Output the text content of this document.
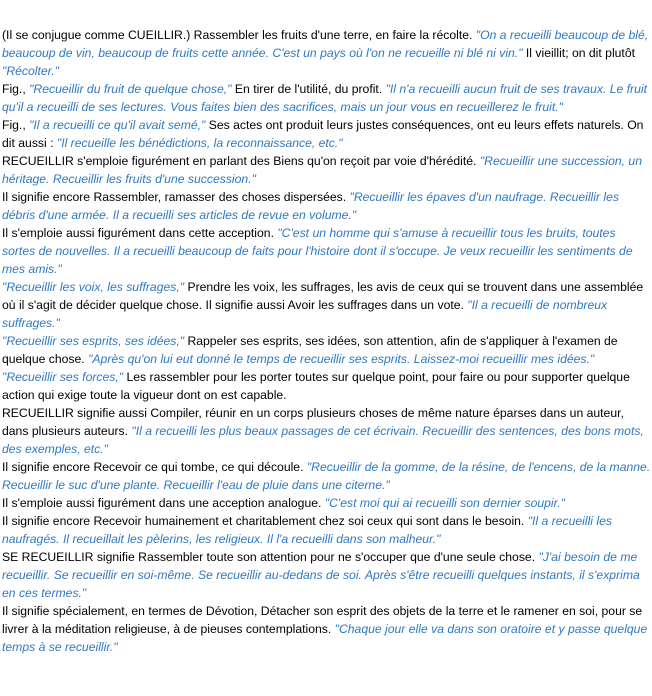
(Il se conjugue comme CUEILLIR.) Rassembler les fruits d'une terre, en faire la récolte. "On a recueilli beaucoup de blé, beaucoup de vin, beaucoup de fruits cette année. C'est un pays où l'on ne recueille ni blé ni vin." Il vieillit; on dit plutôt "Récolter."

Fig., "Recueillir du fruit de quelque chose," En tirer de l'utilité, du profit. "Il n'a recueilli aucun fruit de ses travaux. Le fruit qu'il a recueilli de ses lectures. Vous faites bien des sacrifices, mais un jour vous en recueillerez le fruit."

Fig., "Il a recueilli ce qu'il avait semé," Ses actes ont produit leurs justes conséquences, ont eu leurs effets naturels. On dit aussi : "Il recueille les bénédictions, la reconnaissance, etc."

RECUEILLIR s'emploie figurément en parlant des Biens qu'on reçoit par voie d'hérédité. "Recueillir une succession, un héritage. Recueillir les fruits d'une succession."

Il signifie encore Rassembler, ramasser des choses dispersées. "Recueillir les épaves d'un naufrage. Recueillir les débris d'une armée. Il a recueilli ses articles de revue en volume."

Il s'emploie aussi figurément dans cette acception. "C'est un homme qui s'amuse à recueillir tous les bruits, toutes sortes de nouvelles. Il a recueilli beaucoup de faits pour l'histoire dont il s'occupe. Je veux recueillir les sentiments de mes amis."

"Recueillir les voix, les suffrages," Prendre les voix, les suffrages, les avis de ceux qui se trouvent dans une assemblée où il s'agit de décider quelque chose. Il signifie aussi Avoir les suffrages dans un vote. "Il a recueilli de nombreux suffrages."

"Recueillir ses esprits, ses idées," Rappeler ses esprits, ses idées, son attention, afin de s'appliquer à l'examen de quelque chose. "Après qu'on lui eut donné le temps de recueillir ses esprits. Laissez-moi recueillir mes idées."

"Recueillir ses forces," Les rassembler pour les porter toutes sur quelque point, pour faire ou pour supporter quelque action qui exige toute la vigueur dont on est capable.

RECUEILLIR signifie aussi Compiler, réunir en un corps plusieurs choses de même nature éparses dans un auteur, dans plusieurs auteurs. "Il a recueilli les plus beaux passages de cet écrivain. Recueillir des sentences, des bons mots, des exemples, etc."

Il signifie encore Recevoir ce qui tombe, ce qui découle. "Recueillir de la gomme, de la résine, de l'encens, de la manne. Recueillir le suc d'une plante. Recueillir l'eau de pluie dans une citerne."

Il s'emploie aussi figurément dans une acception analogue. "C'est moi qui ai recueilli son dernier soupir."

Il signifie encore Recevoir humainement et charitablement chez soi ceux qui sont dans le besoin. "Il a recueilli les naufragés. Il recueillait les pèlerins, les religieux. Il l'a recueilli dans son malheur."

SE RECUEILLIR signifie Rassembler toute son attention pour ne s'occuper que d'une seule chose. "J'ai besoin de me recueillir. Se recueillir en soi-même. Se recueillir au-dedans de soi. Après s'être recueilli quelques instants, il s'exprima en ces termes."

Il signifie spécialement, en termes de Dévotion, Détacher son esprit des objets de la terre et le ramener en soi, pour se livrer à la méditation religieuse, à de pieuses contemplations. "Chaque jour elle va dans son oratoire et y passe quelque temps à se recueillir."
